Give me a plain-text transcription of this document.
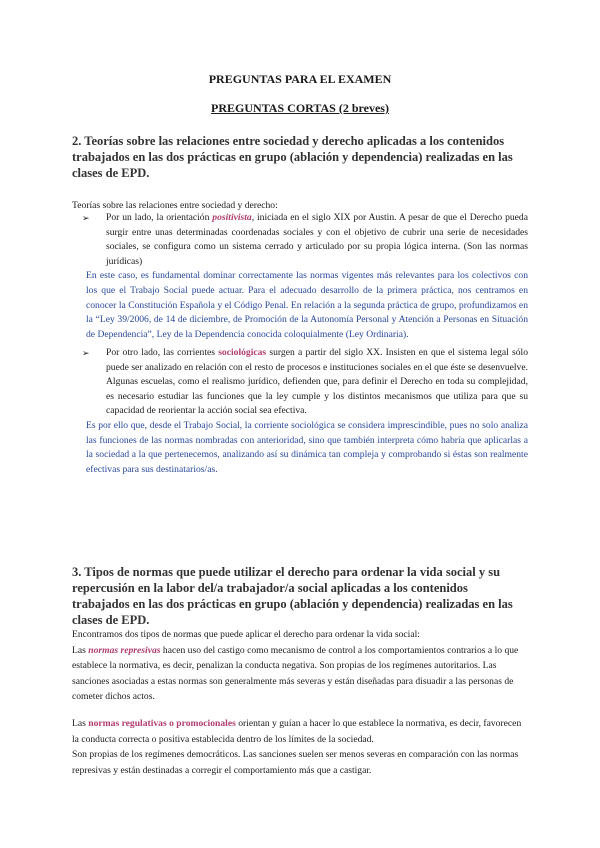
PREGUNTAS PARA EL EXAMEN
PREGUNTAS CORTAS (2 breves)
2. Teorías sobre las relaciones entre sociedad y derecho aplicadas a los contenidos trabajados en las dos prácticas en grupo (ablación y dependencia) realizadas en las clases de EPD.
Teorías sobre las relaciones entre sociedad y derecho:
➢ Por un lado, la orientación positivista, iniciada en el siglo XIX por Austin. A pesar de que el Derecho pueda surgir entre unas determinadas coordenadas sociales y con el objetivo de cubrir una serie de necesidades sociales, se configura como un sistema cerrado y articulado por su propia lógica interna. (Son las normas jurídicas)
En este caso, es fundamental dominar correctamente las normas vigentes más relevantes para los colectivos con los que el Trabajo Social puede actuar. Para el adecuado desarrollo de la primera práctica, nos centramos en conocer la Constitución Española y el Código Penal. En relación a la segunda práctica de grupo, profundizamos en la “Ley 39/2006, de 14 de diciembre, de Promoción de la Autonomía Personal y Atención a Personas en Situación de Dependencia”, Ley de la Dependencia conocida coloquialmente (Ley Ordinaria).
➢ Por otro lado, las corrientes sociológicas surgen a partir del siglo XX. Insisten en que el sistema legal sólo puede ser analizado en relación con el resto de procesos e instituciones sociales en el que éste se desenvuelve. Algunas escuelas, como el realismo jurídico, defienden que, para definir el Derecho en toda su complejidad, es necesario estudiar las funciones que la ley cumple y los distintos mecanismos que utiliza para que su capacidad de reorientar la acción social sea efectiva.
Es por ello que, desde el Trabajo Social, la corriente sociológica se considera imprescindible, pues no solo analiza las funciones de las normas nombradas con anterioridad, sino que también interpreta cómo habría que aplicarlas a la sociedad a la que pertenecemos, analizando así su dinámica tan compleja y comprobando si éstas son realmente efectivas para sus destinatarios/as.
3. Tipos de normas que puede utilizar el derecho para ordenar la vida social y su repercusión en la labor del/a trabajador/a social aplicadas a los contenidos trabajados en las dos prácticas en grupo (ablación y dependencia) realizadas en las clases de EPD.
Encontramos dos tipos de normas que puede aplicar el derecho para ordenar la vida social:
Las normas represivas hacen uso del castigo como mecanismo de control a los comportamientos contrarios a lo que establece la normativa, es decir, penalizan la conducta negativa. Son propias de los regímenes autoritarios. Las sanciones asociadas a estas normas son generalmente más severas y están diseñadas para disuadir a las personas de cometer dichos actos.
Las normas regulativas o promocionales orientan y guían a hacer lo que establece la normativa, es decir, favorecen la conducta correcta o positiva establecida dentro de los límites de la sociedad.
Son propias de los regímenes democráticos. Las sanciones suelen ser menos severas en comparación con las normas represivas y están destinadas a corregir el comportamiento más que a castigar.
